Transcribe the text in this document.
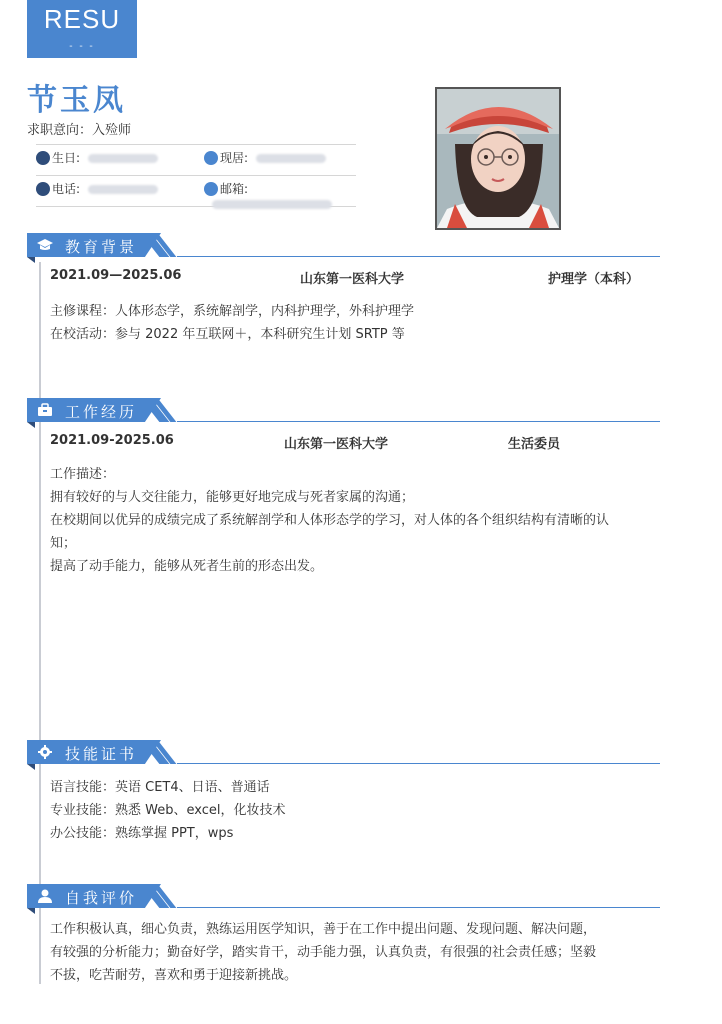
RESU
- - -
节玉凤
求职意向：入殓师
生日:	现居:
电话:	邮箱:
教育背景
2021.09—2025.06	山东第一医科大学	护理学（本科）
主修课程：人体形态学，系统解剖学，内科护理学，外科护理学
在校活动：参与 2022 年互联网＋，本科研究生计划 SRTP 等
工作经历
2021.09-2025.06	山东第一医科大学	生活委员
工作描述：
拥有较好的与人交往能力，能够更好地完成与死者家属的沟通；
在校期间以优异的成绩完成了系统解剖学和人体形态学的学习，对人体的各个组织结构有清晰的认
知；
提高了动手能力，能够从死者生前的形态出发。
技能证书
语言技能：英语 CET4、日语、普通话
专业技能：熟悉 Web、excel，化妆技术
办公技能：熟练掌握 PPT，wps
自我评价
工作积极认真，细心负责，熟练运用医学知识，善于在工作中提出问题、发现问题、解决问题，
有较强的分析能力；勤奋好学，踏实肯干，动手能力强，认真负责，有很强的社会责任感；坚毅
不拔，吃苦耐劳，喜欢和勇于迎接新挑战。
